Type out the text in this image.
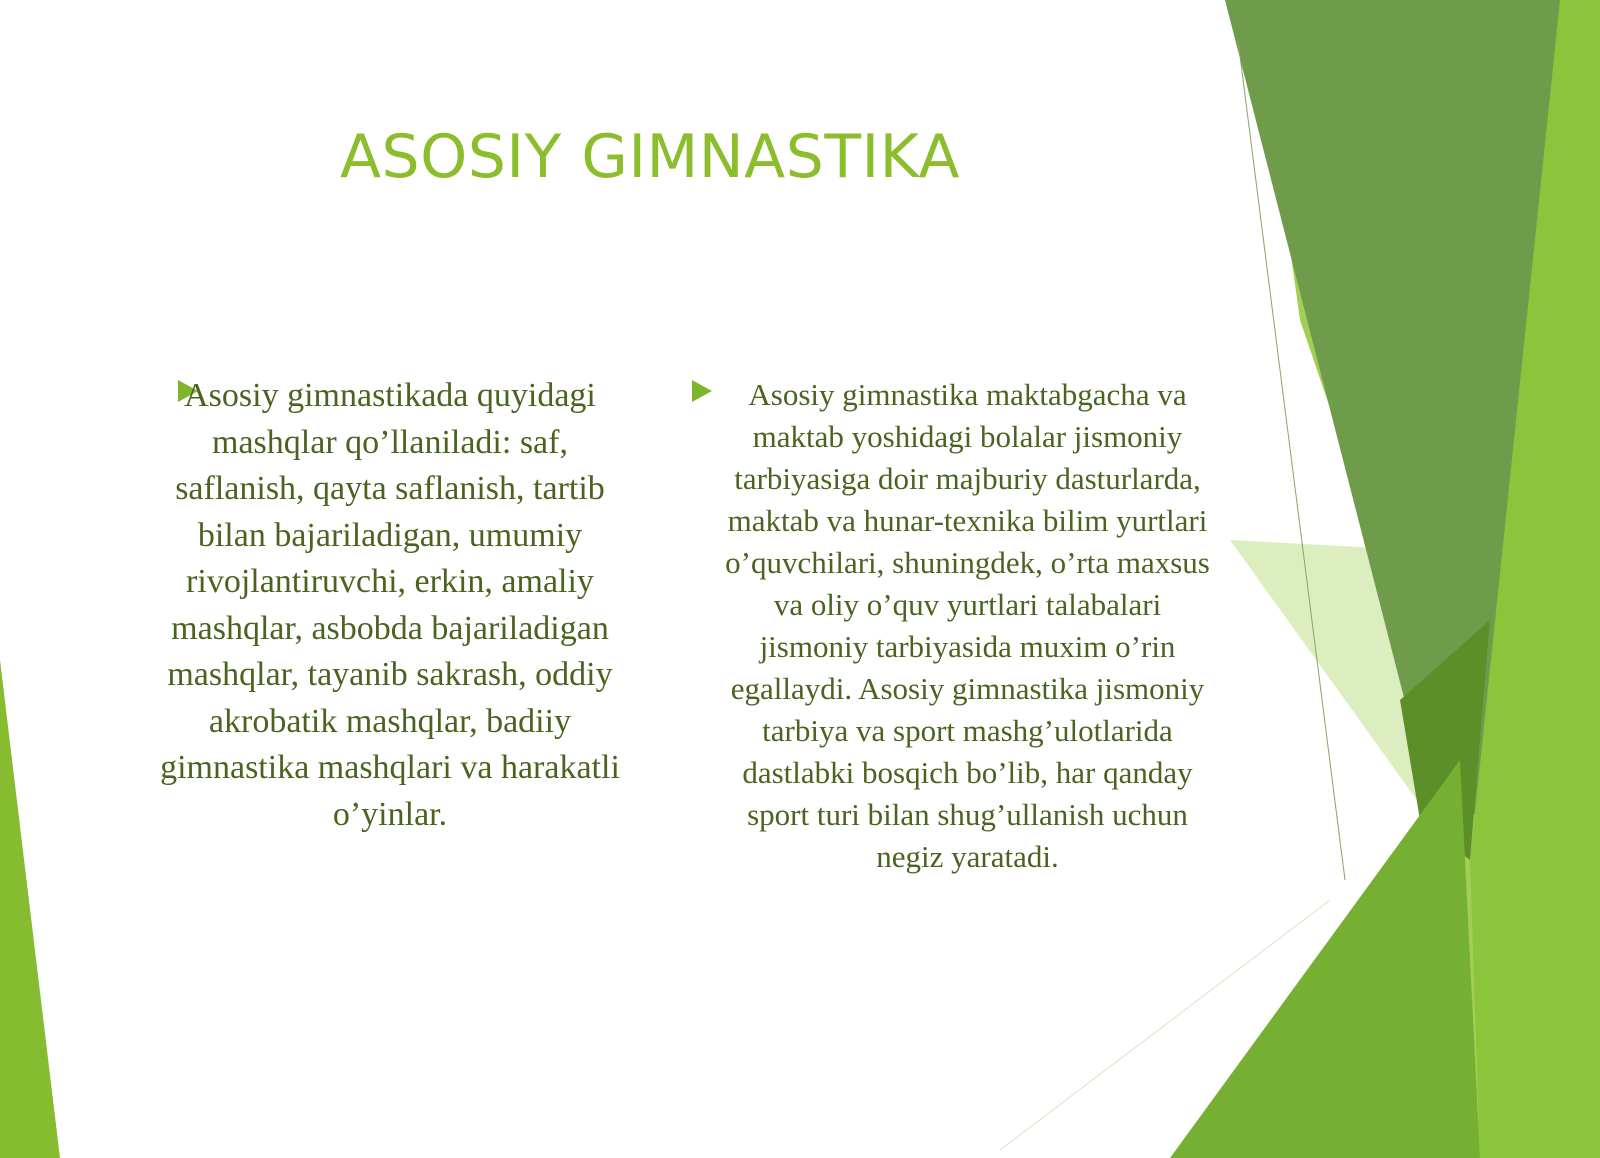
ASOSIY GIMNASTIKA
Asosiy gimnastikada quyidagi mashqlar qo’llaniladi: saf, saflanish, qayta saflanish, tartib bilan bajariladigan, umumiy rivojlantiruvchi, erkin, amaliy mashqlar, asbobda bajariladigan mashqlar, tayanib sakrash, oddiy akrobatik mashqlar, badiiy gimnastika mashqlari va harakatli o’yinlar.
Asosiy gimnastika maktabgacha va maktab yoshidagi bolalar jismoniy tarbiyasiga doir majburiy dasturlarda, maktab va hunar-texnika bilim yurtlari o’quvchilari, shuningdek, o’rta maxsus va oliy o’quv yurtlari talabalari jismoniy tarbiyasida muxim o’rin egallaydi. Asosiy gimnastika jismoniy tarbiya va sport mashg’ulotlarida dastlabki bosqich bo’lib, har qanday sport turi bilan shug’ullanish uchun negiz yaratadi.
